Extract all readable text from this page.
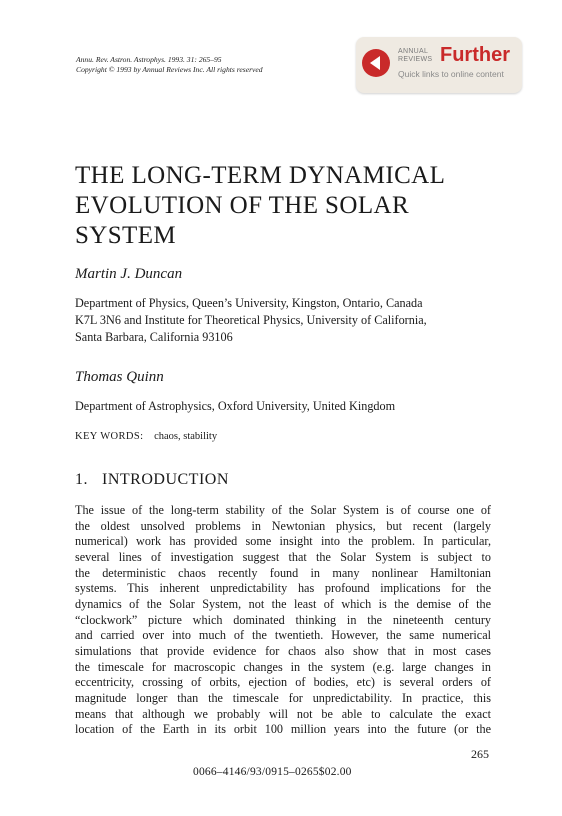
Annu. Rev. Astron. Astrophys. 1993. 31: 265–95
Copyright © 1993 by Annual Reviews Inc. All rights reserved
ANNUAL
REVIEWS Further
Quick links to online content
THE LONG-TERM DYNAMICAL
EVOLUTION OF THE SOLAR
SYSTEM
Martin J. Duncan
Department of Physics, Queen’s University, Kingston, Ontario, Canada
K7L 3N6 and Institute for Theoretical Physics, University of California,
Santa Barbara, California 93106
Thomas Quinn
Department of Astrophysics, Oxford University, United Kingdom
KEY WORDS: chaos, stability
1. INTRODUCTION

The issue of the long-term stability of the Solar System is of course one of
the oldest unsolved problems in Newtonian physics, but recent (largely
numerical) work has provided some insight into the problem. In particular,
several lines of investigation suggest that the Solar System is subject to
the deterministic chaos recently found in many nonlinear Hamiltonian
systems. This inherent unpredictability has profound implications for the
dynamics of the Solar System, not the least of which is the demise of the
“clockwork” picture which dominated thinking in the nineteenth century
and carried over into much of the twentieth. However, the same numerical
simulations that provide evidence for chaos also show that in most cases
the timescale for macroscopic changes in the system (e.g. large changes in
eccentricity, crossing of orbits, ejection of bodies, etc) is several orders of
magnitude longer than the timescale for unpredictability. In practice, this
means that although we probably will not be able to calculate the exact
location of the Earth in its orbit 100 million years into the future (or the

265
0066–4146/93/0915–0265$02.00
